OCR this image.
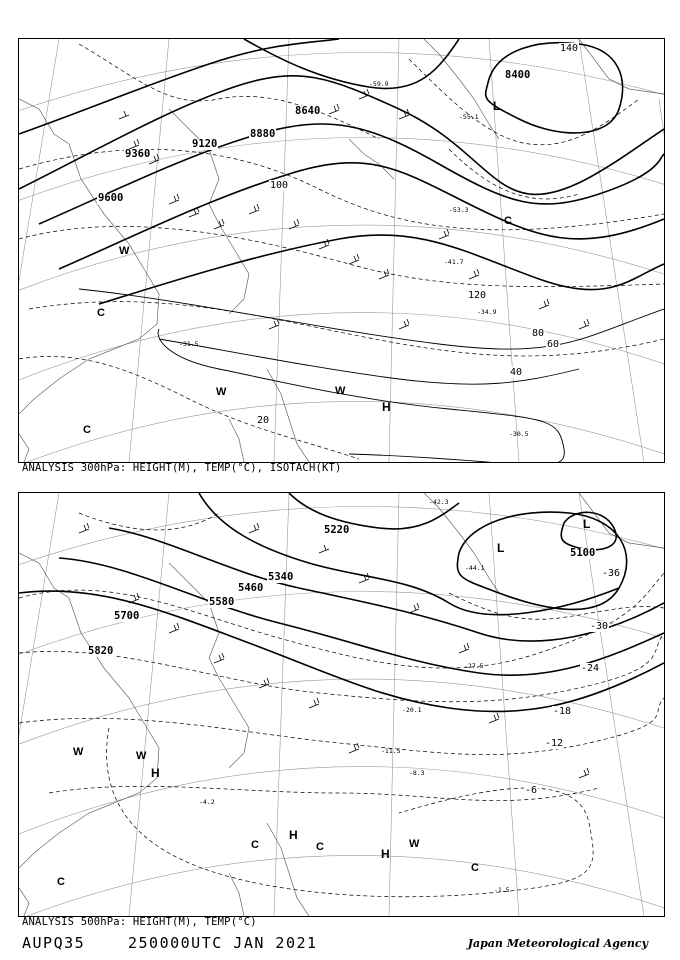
9600
9360
9120
8880
8640
8400
20
40
60
80
100
120
140
-30.5
-31.5
-34.9
-41.7
-53.3
-55.1
-59.9
L
W
W	W
C
C
C
H
ANALYSIS 300hPa: HEIGHT(M), TEMP(°C), ISOTACH(KT)
5820
5700
5580
5460
5340
5220
5100
-6
-12
-18
-24
-30
-36
-1.5
-4.2
-8.3
-11.5
-20.1
-27.5
-42.3
-44.1
L
L
W	W
W
H
H
H
C	C
C
C
ANALYSIS 500hPa: HEIGHT(M), TEMP(°C)
AUPQ35	250000UTC JAN 2021	Japan Meteorological Agency
